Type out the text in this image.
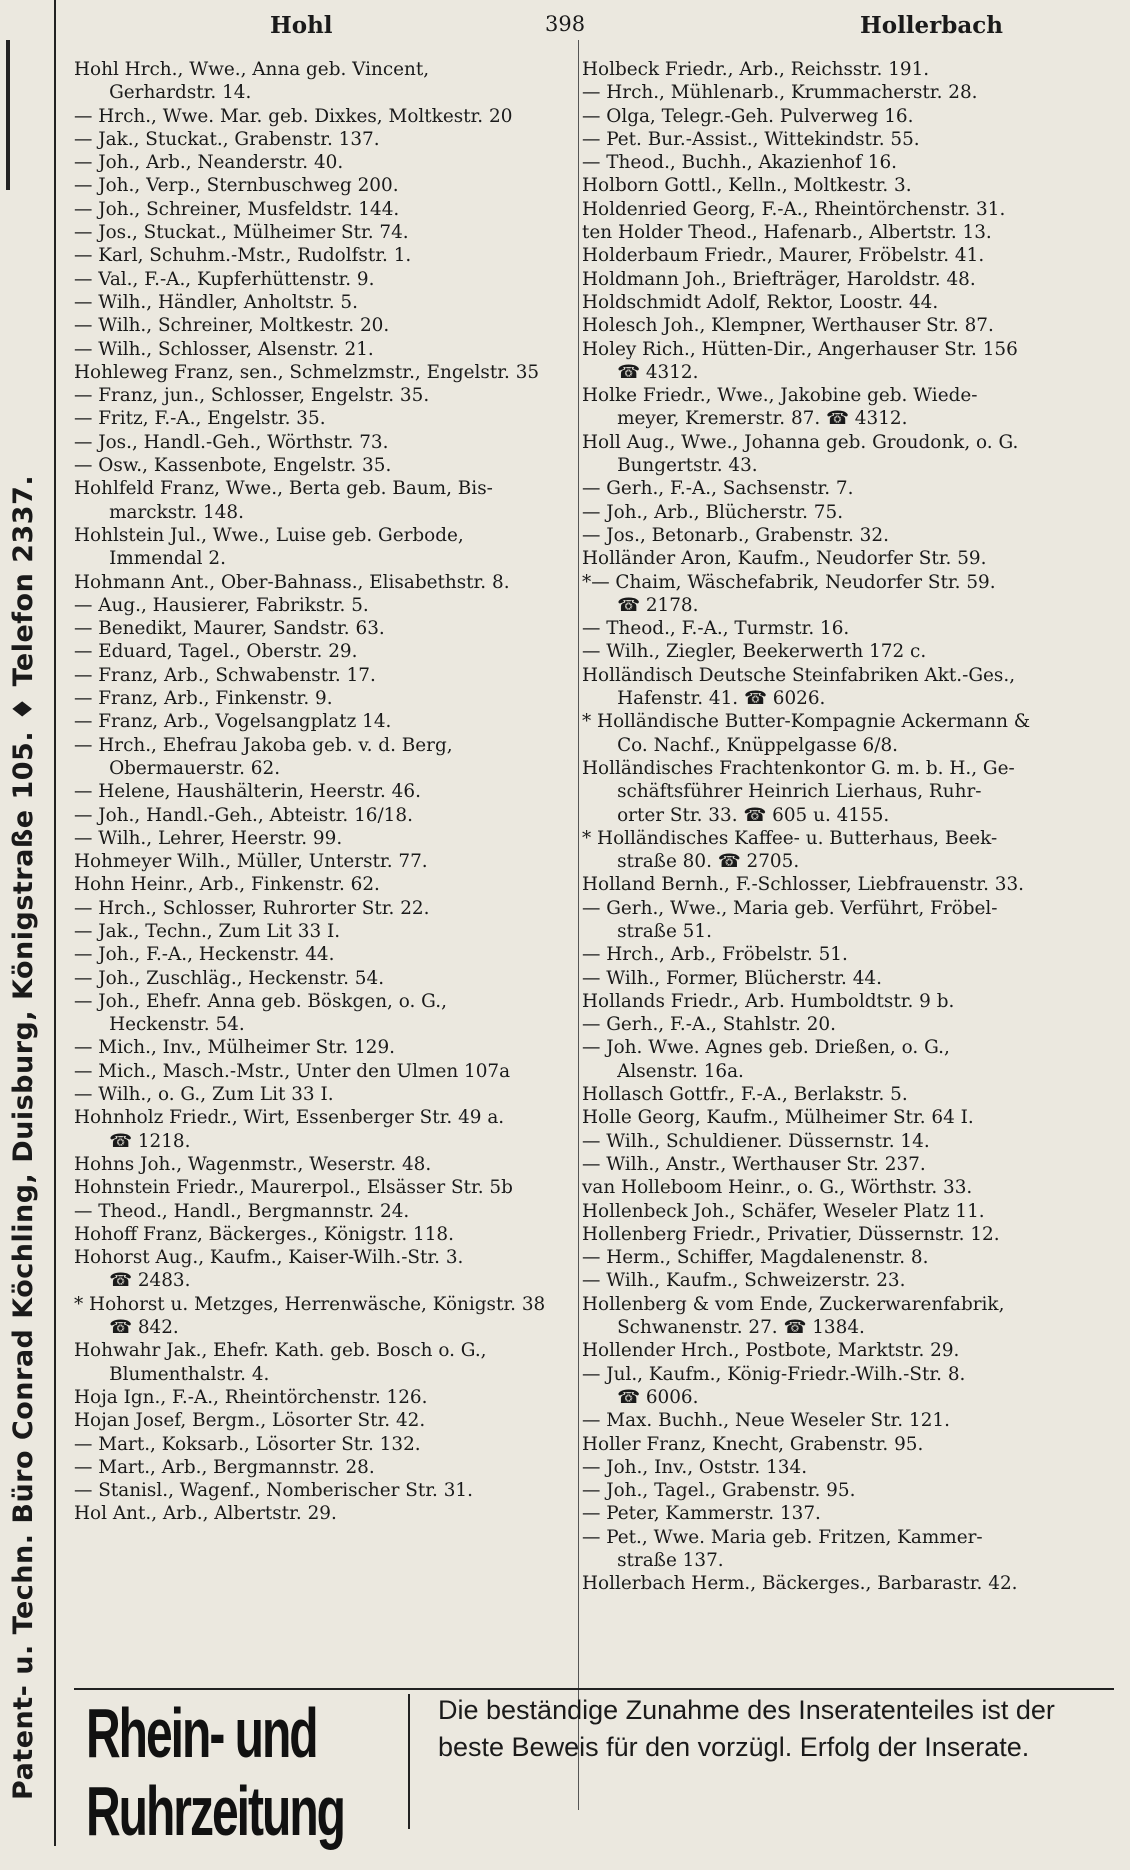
Patent- u. Techn. Büro Conrad Köchling, Duisburg, Königstraße 105. ♦ Telefon 2337.
Hohl	398	Hollerbach
Hohl Hrch., Wwe., Anna geb. Vincent,
Gerhardstr. 14.
— Hrch., Wwe. Mar. geb. Dixkes, Moltkestr. 20
— Jak., Stuckat., Grabenstr. 137.
— Joh., Arb., Neanderstr. 40.
— Joh., Verp., Sternbuschweg 200.
— Joh., Schreiner, Musfeldstr. 144.
— Jos., Stuckat., Mülheimer Str. 74.
— Karl, Schuhm.-Mstr., Rudolfstr. 1.
— Val., F.-A., Kupferhüttenstr. 9.
— Wilh., Händler, Anholtstr. 5.
— Wilh., Schreiner, Moltkestr. 20.
— Wilh., Schlosser, Alsenstr. 21.
Hohleweg Franz, sen., Schmelzmstr., Engelstr. 35
— Franz, jun., Schlosser, Engelstr. 35.
— Fritz, F.-A., Engelstr. 35.
— Jos., Handl.-Geh., Wörthstr. 73.
— Osw., Kassenbote, Engelstr. 35.
Hohlfeld Franz, Wwe., Berta geb. Baum, Bis-
marckstr. 148.
Hohlstein Jul., Wwe., Luise geb. Gerbode,
Immendal 2.
Hohmann Ant., Ober-Bahnass., Elisabethstr. 8.
— Aug., Hausierer, Fabrikstr. 5.
— Benedikt, Maurer, Sandstr. 63.
— Eduard, Tagel., Oberstr. 29.
— Franz, Arb., Schwabenstr. 17.
— Franz, Arb., Finkenstr. 9.
— Franz, Arb., Vogelsangplatz 14.
— Hrch., Ehefrau Jakoba geb. v. d. Berg,
Obermauerstr. 62.
— Helene, Haushälterin, Heerstr. 46.
— Joh., Handl.-Geh., Abteistr. 16/18.
— Wilh., Lehrer, Heerstr. 99.
Hohmeyer Wilh., Müller, Unterstr. 77.
Hohn Heinr., Arb., Finkenstr. 62.
— Hrch., Schlosser, Ruhrorter Str. 22.
— Jak., Techn., Zum Lit 33 I.
— Joh., F.-A., Heckenstr. 44.
— Joh., Zuschläg., Heckenstr. 54.
— Joh., Ehefr. Anna geb. Böskgen, o. G.,
Heckenstr. 54.
— Mich., Inv., Mülheimer Str. 129.
— Mich., Masch.-Mstr., Unter den Ulmen 107a
— Wilh., o. G., Zum Lit 33 I.
Hohnholz Friedr., Wirt, Essenberger Str. 49 a.
☎ 1218.
Hohns Joh., Wagenmstr., Weserstr. 48.
Hohnstein Friedr., Maurerpol., Elsässer Str. 5b
— Theod., Handl., Bergmannstr. 24.
Hohoff Franz, Bäckerges., Königstr. 118.
Hohorst Aug., Kaufm., Kaiser-Wilh.-Str. 3.
☎ 2483.
* Hohorst u. Metzges, Herrenwäsche, Königstr. 38
☎ 842.
Hohwahr Jak., Ehefr. Kath. geb. Bosch o. G.,
Blumenthalstr. 4.
Hoja Ign., F.-A., Rheintörchenstr. 126.
Hojan Josef, Bergm., Lösorter Str. 42.
— Mart., Koksarb., Lösorter Str. 132.
— Mart., Arb., Bergmannstr. 28.
— Stanisl., Wagenf., Nomberischer Str. 31.
Hol Ant., Arb., Albertstr. 29.
Holbeck Friedr., Arb., Reichsstr. 191.
— Hrch., Mühlenarb., Krummacherstr. 28.
— Olga, Telegr.-Geh. Pulverweg 16.
— Pet. Bur.-Assist., Wittekindstr. 55.
— Theod., Buchh., Akazienhof 16.
Holborn Gottl., Kelln., Moltkestr. 3.
Holdenried Georg, F.-A., Rheintörchenstr. 31.
ten Holder Theod., Hafenarb., Albertstr. 13.
Holderbaum Friedr., Maurer, Fröbelstr. 41.
Holdmann Joh., Briefträger, Haroldstr. 48.
Holdschmidt Adolf, Rektor, Loostr. 44.
Holesch Joh., Klempner, Werthauser Str. 87.
Holey Rich., Hütten-Dir., Angerhauser Str. 156
☎ 4312.
Holke Friedr., Wwe., Jakobine geb. Wiede-
meyer, Kremerstr. 87. ☎ 4312.
Holl Aug., Wwe., Johanna geb. Groudonk, o. G.
Bungertstr. 43.
— Gerh., F.-A., Sachsenstr. 7.
— Joh., Arb., Blücherstr. 75.
— Jos., Betonarb., Grabenstr. 32.
Holländer Aron, Kaufm., Neudorfer Str. 59.
*— Chaim, Wäschefabrik, Neudorfer Str. 59.
☎ 2178.
— Theod., F.-A., Turmstr. 16.
— Wilh., Ziegler, Beekerwerth 172 c.
Holländisch Deutsche Steinfabriken Akt.-Ges.,
Hafenstr. 41. ☎ 6026.
* Holländische Butter-Kompagnie Ackermann &
Co. Nachf., Knüppelgasse 6/8.
Holländisches Frachtenkontor G. m. b. H., Ge-
schäftsführer Heinrich Lierhaus, Ruhr-
orter Str. 33. ☎ 605 u. 4155.
* Holländisches Kaffee- u. Butterhaus, Beek-
straße 80. ☎ 2705.
Holland Bernh., F.-Schlosser, Liebfrauenstr. 33.
— Gerh., Wwe., Maria geb. Verführt, Fröbel-
straße 51.
— Hrch., Arb., Fröbelstr. 51.
— Wilh., Former, Blücherstr. 44.
Hollands Friedr., Arb. Humboldtstr. 9 b.
— Gerh., F.-A., Stahlstr. 20.
— Joh. Wwe. Agnes geb. Drießen, o. G.,
Alsenstr. 16a.
Hollasch Gottfr., F.-A., Berlakstr. 5.
Holle Georg, Kaufm., Mülheimer Str. 64 I.
— Wilh., Schuldiener. Düssernstr. 14.
— Wilh., Anstr., Werthauser Str. 237.
van Holleboom Heinr., o. G., Wörthstr. 33.
Hollenbeck Joh., Schäfer, Weseler Platz 11.
Hollenberg Friedr., Privatier, Düssernstr. 12.
— Herm., Schiffer, Magdalenenstr. 8.
— Wilh., Kaufm., Schweizerstr. 23.
Hollenberg & vom Ende, Zuckerwarenfabrik,
Schwanenstr. 27. ☎ 1384.
Hollender Hrch., Postbote, Marktstr. 29.
— Jul., Kaufm., König-Friedr.-Wilh.-Str. 8.
☎ 6006.
— Max. Buchh., Neue Weseler Str. 121.
Holler Franz, Knecht, Grabenstr. 95.
— Joh., Inv., Oststr. 134.
— Joh., Tagel., Grabenstr. 95.
— Peter, Kammerstr. 137.
— Pet., Wwe. Maria geb. Fritzen, Kammer-
straße 137.
Hollerbach Herm., Bäckerges., Barbarastr. 42.
Rhein- und Ruhrzeitung
Die beständige Zunahme des Inseratenteiles ist der
beste Beweis für den vorzügl. Erfolg der Inserate.
